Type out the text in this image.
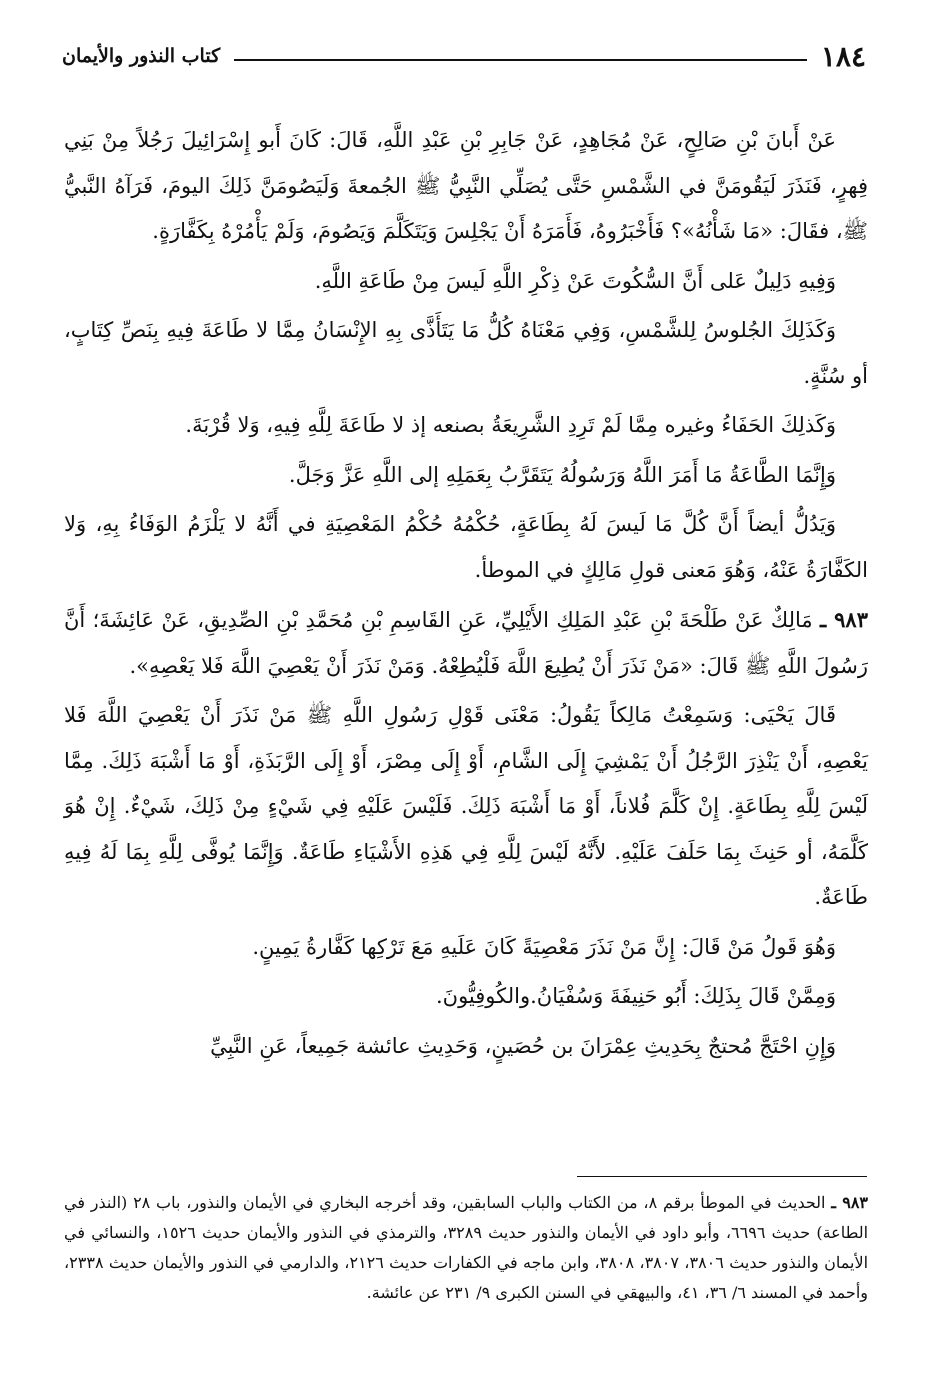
١٨٤
كتاب النذور والأيمان

عَنْ أَبانَ بْنِ صَالِحٍ، عَنْ مُجَاهِدٍ، عَنْ جَابِرِ بْنِ عَبْدِ اللَّهِ، قَالَ: كَانَ أَبو إِسْرَائِيلَ رَجُلاً مِنْ بَنِي فِهرٍ، فَنَذَرَ لَيَقُومَنَّ في الشَّمْسِ حَتَّى يُصَلِّي النَّبِيُّ ﷺ الجُمعةَ وَلَيَصُومَنَّ ذَلِكَ اليومَ، فَرَآهُ النَّبيُّ ﷺ، فقَالَ: «مَا شَأْنُهُ»؟ فَأَخْبَرُوهُ، فَأَمَرَهُ أَنْ يَجْلِسَ وَيَتَكَلَّمَ وَيَصُومَ، وَلَمْ يَأْمُرْهُ بِكَفَّارَةٍ.

وَفِيهِ دَلِيلٌ عَلى أَنَّ السُّكُوتَ عَنْ ذِكْرِ اللَّهِ لَيسَ مِنْ طَاعَةِ اللَّهِ.

وَكَذَلِكَ الجُلوسُ لِلشَّمْسِ، وَفِي مَعْنَاهُ كُلُّ مَا يَتَأَذَّى بِهِ الإِنْسَانُ مِمَّا لا طَاعَةَ فِيهِ بِنَصِّ كِتَابٍ، أو سُنَّةٍ.

وَكَذلِكَ الحَفَاءُ وغيره مِمَّا لَمْ تَرِدِ الشَّرِيعَةُ بصنعه إذ لا طَاعَةَ لِلَّهِ فِيهِ، وَلا قُرْبَةَ.

وَإِنَّمَا الطَّاعَةُ مَا أَمَرَ اللَّهُ وَرَسُولُهُ يَتَقَرَّبُ بِعَمَلِهِ إلى اللَّهِ عَزَّ وَجَلَّ.

وَيَدُلُّ أيضاً أَنَّ كُلَّ مَا لَيسَ لَهُ بِطَاعَةٍ، حُكْمُهُ حُكْمُ المَعْصِيَةِ في أَنَّهُ لا يَلْزَمُ الوَفَاءُ بِهِ، وَلا الكَفَّارَةُ عَنْهُ، وَهُوَ مَعنى قولِ مَالِكٍ في الموطأ.

٩٨٣ ـ مَالِكٌ عَنْ طَلْحَةَ بْنِ عَبْدِ المَلِكِ الأَيْلِيِّ، عَنِ القَاسِمِ بْنِ مُحَمَّدِ بْنِ الصِّدِيقِ، عَنْ عَائِشَةَ؛ أَنَّ رَسُولَ اللَّهِ ﷺ قَالَ: «مَنْ نَذَرَ أَنْ يُطِيعَ اللَّهَ فَلْيُطِعْهُ. وَمَنْ نَذَرَ أَنْ يَعْصِيَ اللَّهَ فَلا يَعْصِهِ».

قَالَ يَحْيَى: وَسَمِعْتُ مَالِكاً يَقُولُ: مَعْنَى قَوْلِ رَسُولِ اللَّهِ ﷺ مَنْ نَذَرَ أَنْ يَعْصِيَ اللَّهَ فَلا يَعْصِهِ، أَنْ يَنْذِرَ الرَّجُلُ أَنْ يَمْشِيَ إِلَى الشَّامِ، أَوْ إِلَى مِصْرَ، أَوْ إِلَى الرَّبَذَةِ، أَوْ مَا أَشْبَهَ ذَلِكَ. مِمَّا لَيْسَ لِلَّهِ بِطَاعَةٍ. إِنْ كَلَّمَ فُلاناً، أَوْ مَا أَشْبَهَ ذَلِكَ. فَلَيْسَ عَلَيْهِ فِي شَيْءٍ مِنْ ذَلِكَ، شَيْءٌ. إِنْ هُوَ كَلَّمَهُ، أو حَنِثَ بِمَا حَلَفَ عَلَيْهِ. لأَنَّهُ لَيْسَ لِلَّهِ فِي هَذِهِ الأَشْيَاءِ طَاعَةٌ. وَإِنَّمَا يُوفَّى لِلَّهِ بِمَا لَهُ فِيهِ طَاعَةٌ.

وَهُوَ قَولُ مَنْ قَالَ: إِنَّ مَنْ نَذَرَ مَعْصِيَةً كَانَ عَلَيهِ مَعَ تَرْكِها كَفَّارةُ يَمِينٍ.

وَمِمَّنْ قَالَ بِذَلِكَ: أَبُو حَنِيفَةَ وَسُفْيَانُ.والكُوفِيُّونَ.

وَإِنِ احْتَجَّ مُحتجٌ بِحَدِيثِ عِمْرَانَ بن حُصَينٍ، وَحَدِيثِ عائشة جَمِيعاً، عَنِ النَّبِيِّ

٩٨٣ ـ الحديث في الموطأ برقم ٨، من الكتاب والباب السابقين، وقد أخرجه البخاري في الأيمان والنذور، باب ٢٨ (النذر في الطاعة) حديث ٦٦٩٦، وأبو داود في الأيمان والنذور حديث ٣٢٨٩، والترمذي في النذور والأيمان حديث ١٥٢٦، والنسائي في الأيمان والنذور حديث ٣٨٠٦، ٣٨٠٧، ٣٨٠٨، وابن ماجه في الكفارات حديث ٢١٢٦، والدارمي في النذور والأيمان حديث ٢٣٣٨، وأحمد في المسند ٦/ ٣٦، ٤١، والبيهقي في السنن الكبرى ٩/ ٢٣١ عن عائشة.
